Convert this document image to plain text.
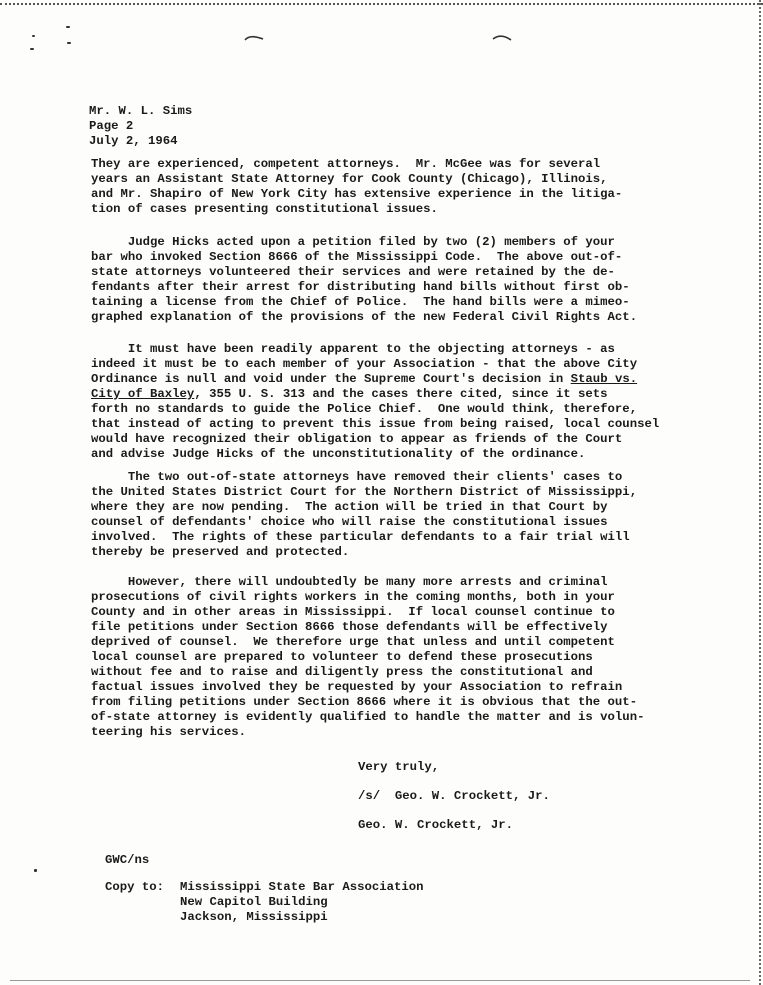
Mr. W. L. Sims
Page 2
July 2, 1964
They are experienced, competent attorneys.  Mr. McGee was for several
years an Assistant State Attorney for Cook County (Chicago), Illinois,
and Mr. Shapiro of New York City has extensive experience in the litiga-
tion of cases presenting constitutional issues.
Judge Hicks acted upon a petition filed by two (2) members of your
bar who invoked Section 8666 of the Mississippi Code.  The above out-of-
state attorneys volunteered their services and were retained by the de-
fendants after their arrest for distributing hand bills without first ob-
taining a license from the Chief of Police.  The hand bills were a mimeo-
graphed explanation of the provisions of the new Federal Civil Rights Act.
It must have been readily apparent to the objecting attorneys - as
indeed it must be to each member of your Association - that the above City
Ordinance is null and void under the Supreme Court's decision in Staub vs.
City of Baxley, 355 U. S. 313 and the cases there cited, since it sets
forth no standards to guide the Police Chief.  One would think, therefore,
that instead of acting to prevent this issue from being raised, local counsel
would have recognized their obligation to appear as friends of the Court
and advise Judge Hicks of the unconstitutionality of the ordinance.
The two out-of-state attorneys have removed their clients' cases to
the United States District Court for the Northern District of Mississippi,
where they are now pending.  The action will be tried in that Court by
counsel of defendants' choice who will raise the constitutional issues
involved.  The rights of these particular defendants to a fair trial will
thereby be preserved and protected.
However, there will undoubtedly be many more arrests and criminal
prosecutions of civil rights workers in the coming months, both in your
County and in other areas in Mississippi.  If local counsel continue to
file petitions under Section 8666 those defendants will be effectively
deprived of counsel.  We therefore urge that unless and until competent
local counsel are prepared to volunteer to defend these prosecutions
without fee and to raise and diligently press the constitutional and
factual issues involved they be requested by your Association to refrain
from filing petitions under Section 8666 where it is obvious that the out-
of-state attorney is evidently qualified to handle the matter and is volun-
teering his services.
Very truly,
/s/  Geo. W. Crockett, Jr.
Geo. W. Crockett, Jr.
GWC/ns
Copy to: Mississippi State Bar Association
New Capitol Building
Jackson, Mississippi
